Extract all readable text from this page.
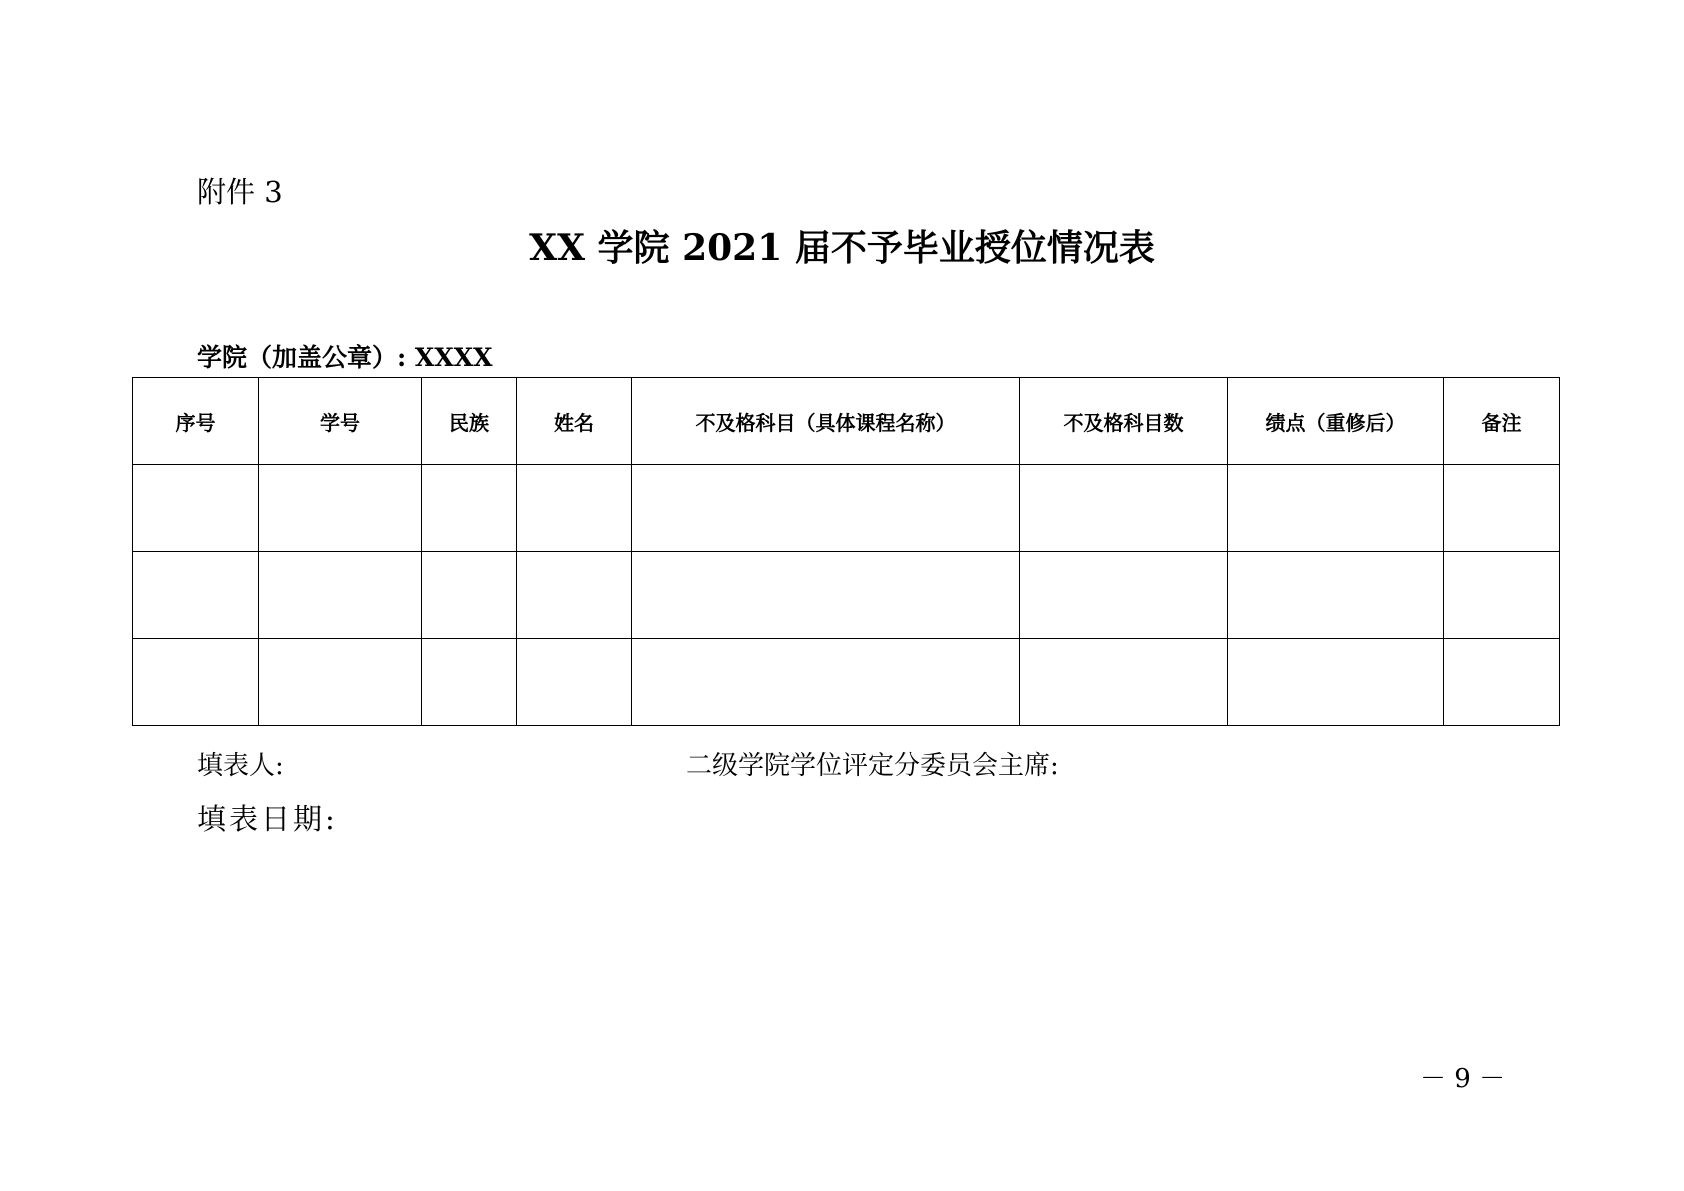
附件 3
XX 学院 2021 届不予毕业授位情况表
学院（加盖公章）: XXXX
序号	学号	民族	姓名	不及格科目（具体课程名称）	不及格科目数	绩点（重修后）	备注

填表人:	二级学院学位评定分委员会主席:
填表日期:
－ 9 －
